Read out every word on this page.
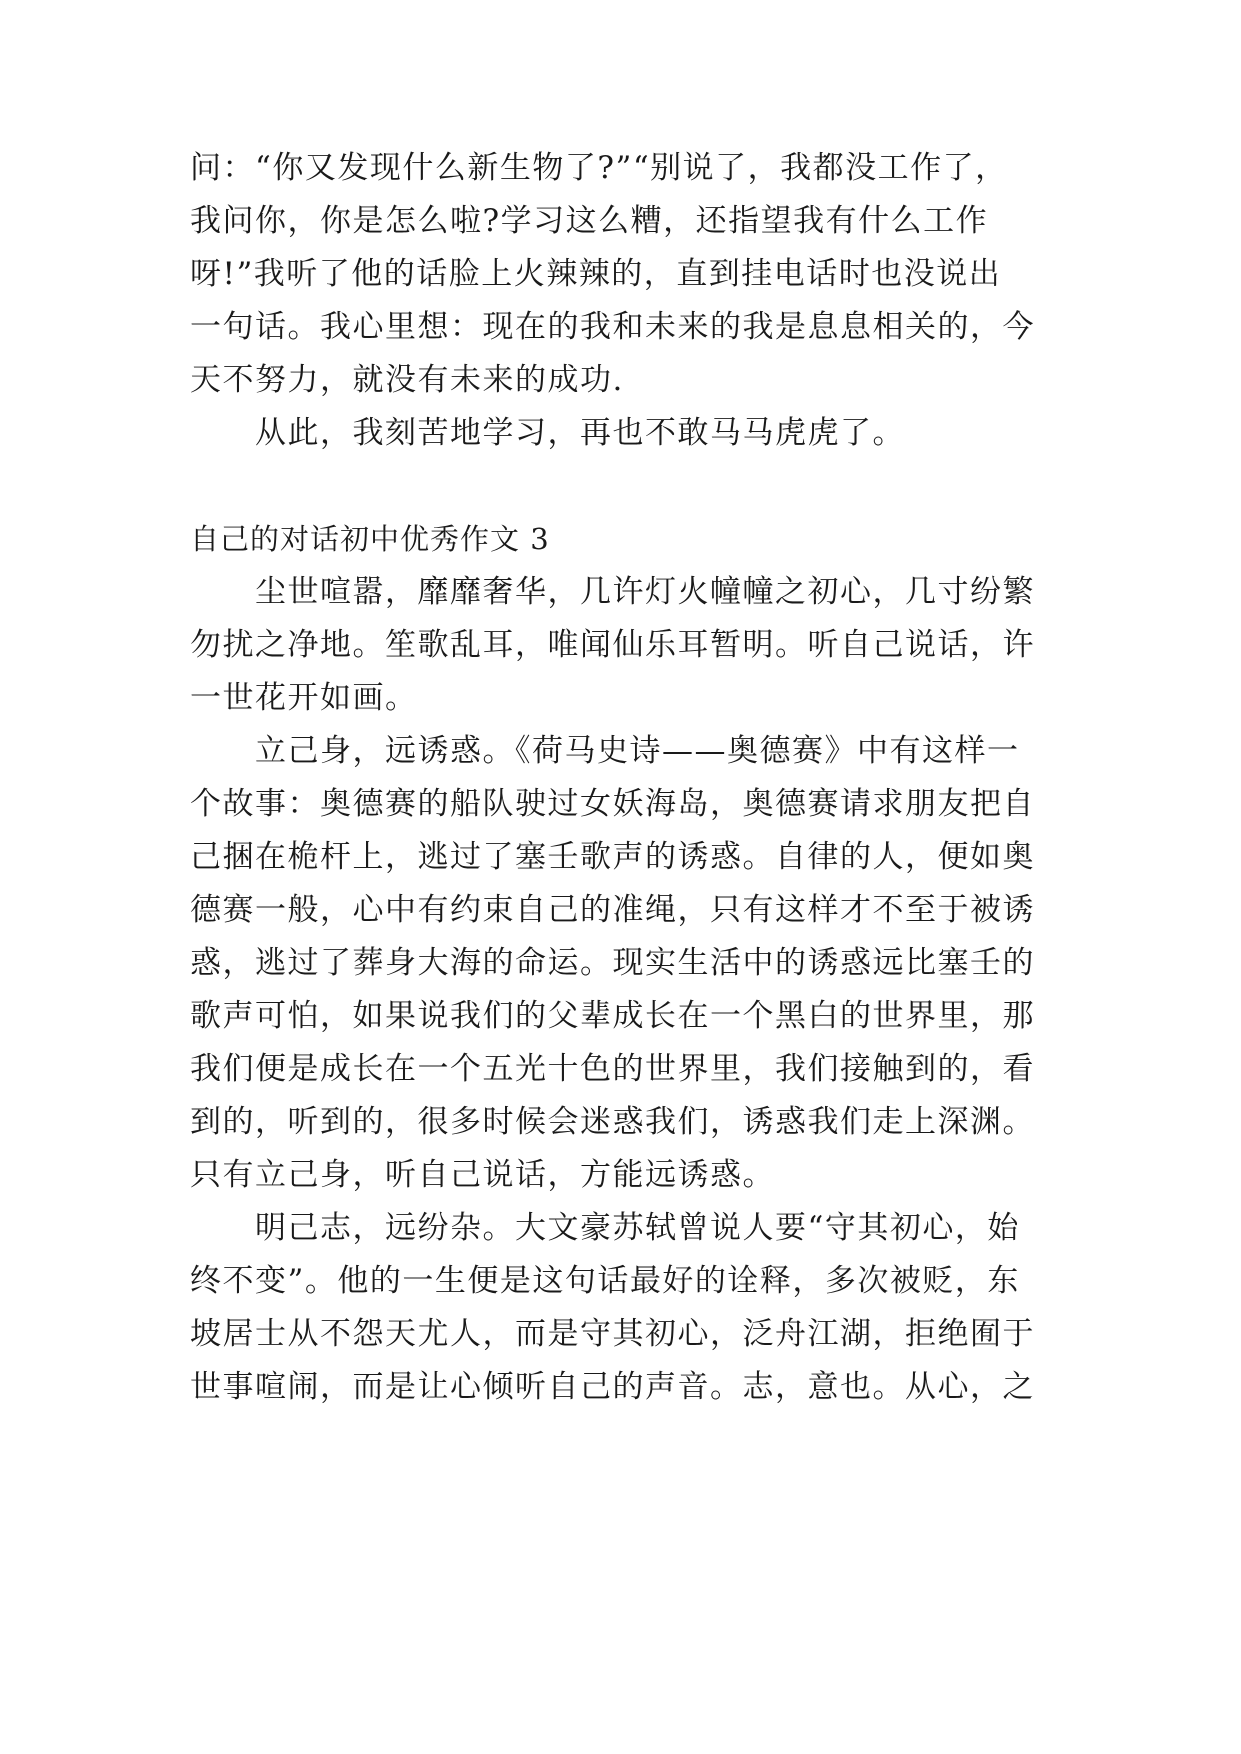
问：“你又发现什么新生物了?”“别说了，我都没工作了，
我问你，你是怎么啦?学习这么糟，还指望我有什么工作
呀!”我听了他的话脸上火辣辣的，直到挂电话时也没说出
一句话。我心里想：现在的我和未来的我是息息相关的，今
天不努力，就没有未来的成功.
　　从此，我刻苦地学习，再也不敢马马虎虎了。
自己的对话初中优秀作文 3
　　尘世喧嚣，靡靡奢华，几许灯火幢幢之初心，几寸纷繁
勿扰之净地。笙歌乱耳，唯闻仙乐耳暂明。听自己说话，许
一世花开如画。
　　立己身，远诱惑。《荷马史诗——奥德赛》中有这样一
个故事：奥德赛的船队驶过女妖海岛，奥德赛请求朋友把自
己捆在桅杆上，逃过了塞壬歌声的诱惑。自律的人，便如奥
德赛一般，心中有约束自己的准绳，只有这样才不至于被诱
惑，逃过了葬身大海的命运。现实生活中的诱惑远比塞壬的
歌声可怕，如果说我们的父辈成长在一个黑白的世界里，那
我们便是成长在一个五光十色的世界里，我们接触到的，看
到的，听到的，很多时候会迷惑我们，诱惑我们走上深渊。
只有立己身，听自己说话，方能远诱惑。
　　明己志，远纷杂。大文豪苏轼曾说人要“守其初心，始
终不变”。他的一生便是这句话最好的诠释，多次被贬，东
坡居士从不怨天尤人，而是守其初心，泛舟江湖，拒绝囿于
世事喧闹，而是让心倾听自己的声音。志，意也。从心，之
